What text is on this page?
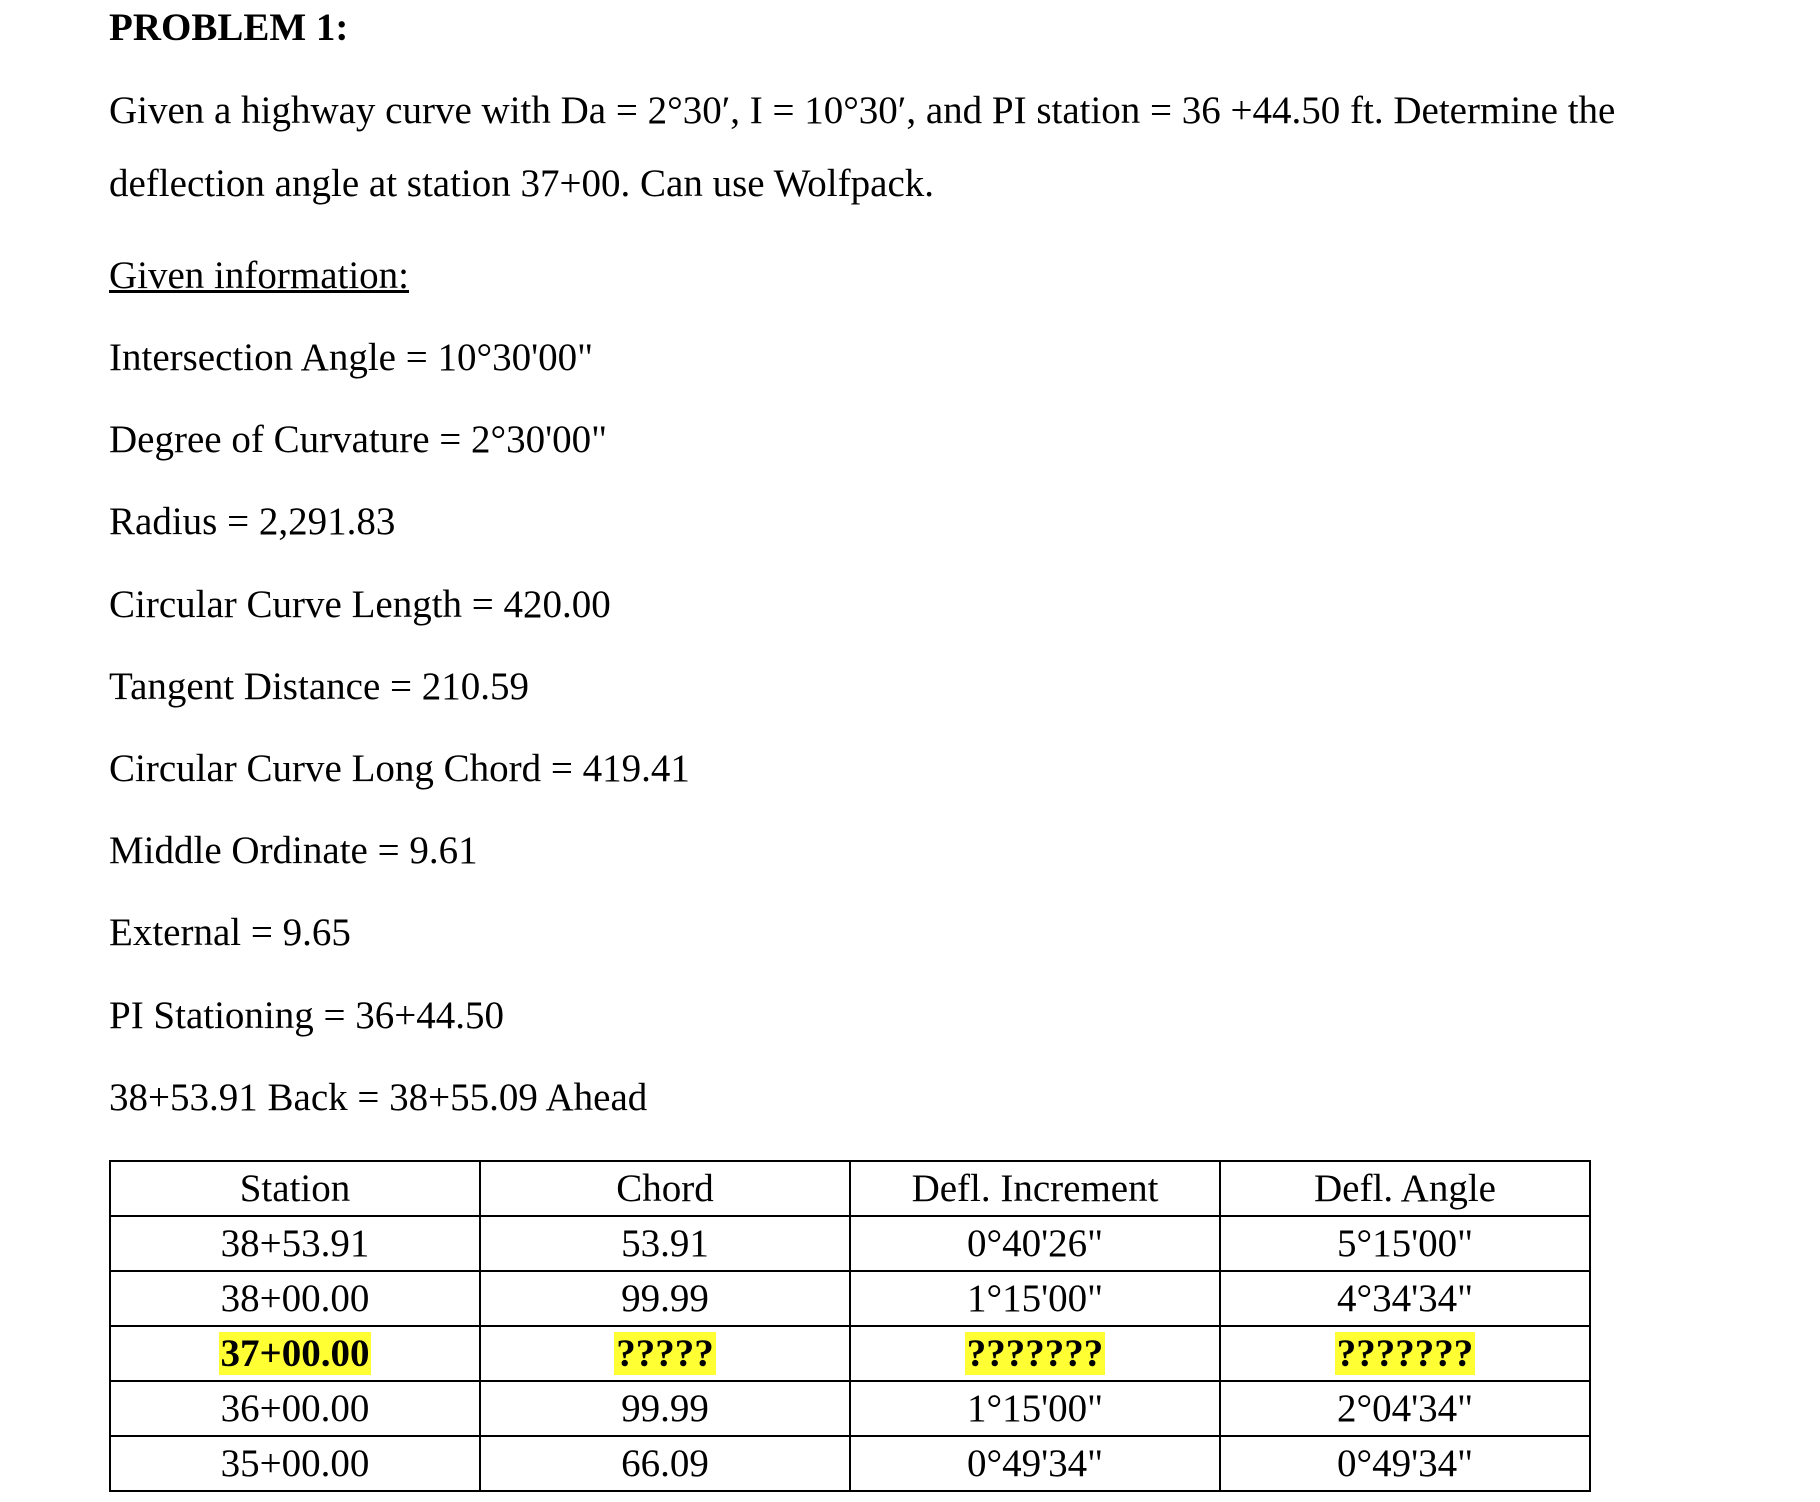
PROBLEM 1:

Given a highway curve with Da = 2°30′, I = 10°30′, and PI station = 36 +44.50 ft. Determine the

deflection angle at station 37+00. Can use Wolfpack.

Given information:
Intersection Angle = 10°30'00"
Degree of Curvature = 2°30'00"
Radius = 2,291.83
Circular Curve Length = 420.00
Tangent Distance = 210.59
Circular Curve Long Chord = 419.41
Middle Ordinate = 9.61
External = 9.65
PI Stationing = 36+44.50
38+53.91 Back = 38+55.09 Ahead
Station	Chord	Defl. Increment	Defl. Angle
38+53.91	53.91	0°40'26"	5°15'00"
38+00.00	99.99	1°15'00"	4°34'34"
37+00.00	?????	???????	???????
36+00.00	99.99	1°15'00"	2°04'34"
35+00.00	66.09	0°49'34"	0°49'34"
